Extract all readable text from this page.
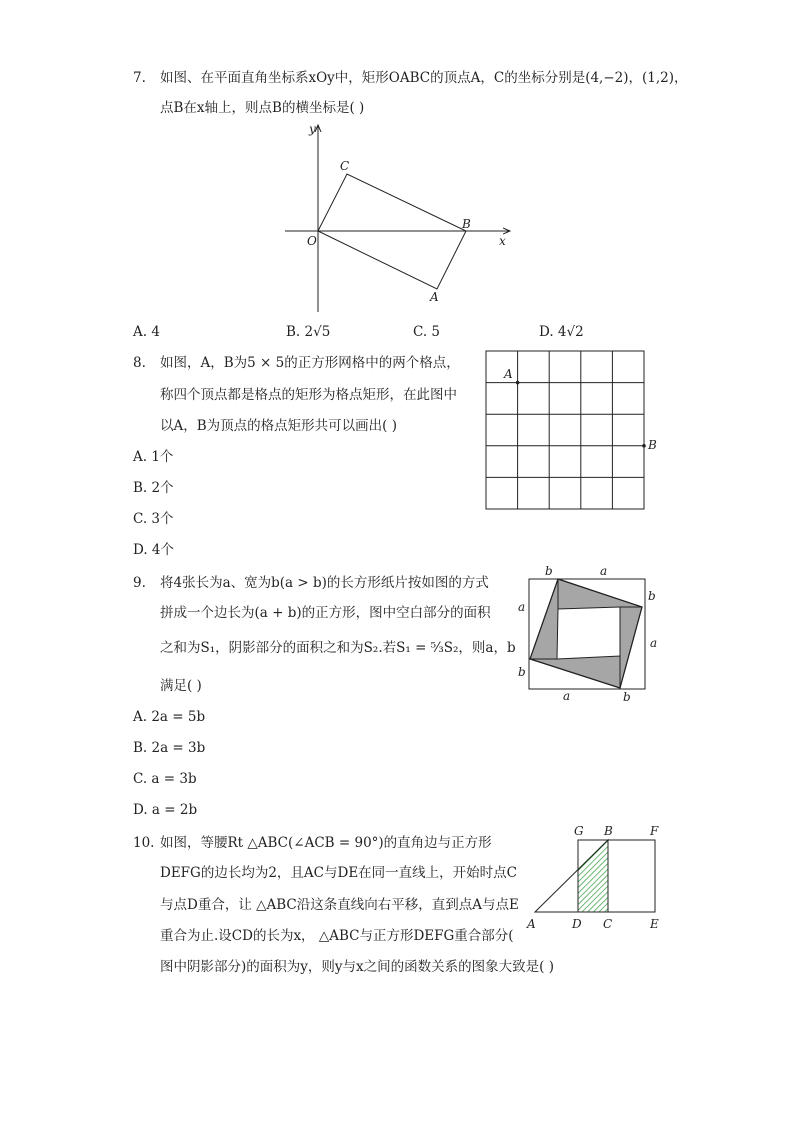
7. 如图、在平面直角坐标系xOy中，矩形OABC的顶点A，C的坐标分别是(4,−2)，(1,2)，
点B在x轴上，则点B的横坐标是( )
y
x
O
C
B
A
A. 4	B. 2√5	C. 5	D. 4√2
8. 如图，A，B为5 × 5的正方形网格中的两个格点，
称四个顶点都是格点的矩形为格点矩形，在此图中
以A，B为顶点的格点矩形共可以画出( )
A. 1个
B. 2个
C. 3个
D. 4个
A
B
9. 将4张长为a、宽为b(a > b)的长方形纸片按如图的方式
拼成一个边长为(a + b)的正方形，图中空白部分的面积
之和为S₁，阴影部分的面积之和为S₂.若S₁ = ⁵⁄₃S₂，则a，b
满足( )
A. 2a = 5b
B. 2a = 3b
C. a = 3b
D. a = 2b
b	a
a
b
b
a
a	b
10. 如图，等腰Rt △ABC(∠ACB = 90°)的直角边与正方形
DEFG的边长均为2，且AC与DE在同一直线上，开始时点C
与点D重合，让 △ABC沿这条直线向右平移，直到点A与点E
重合为止.设CD的长为x， △ABC与正方形DEFG重合部分(
图中阴影部分)的面积为y，则y与x之间的函数关系的图象大致是( )
G B	F
A	D C	E
